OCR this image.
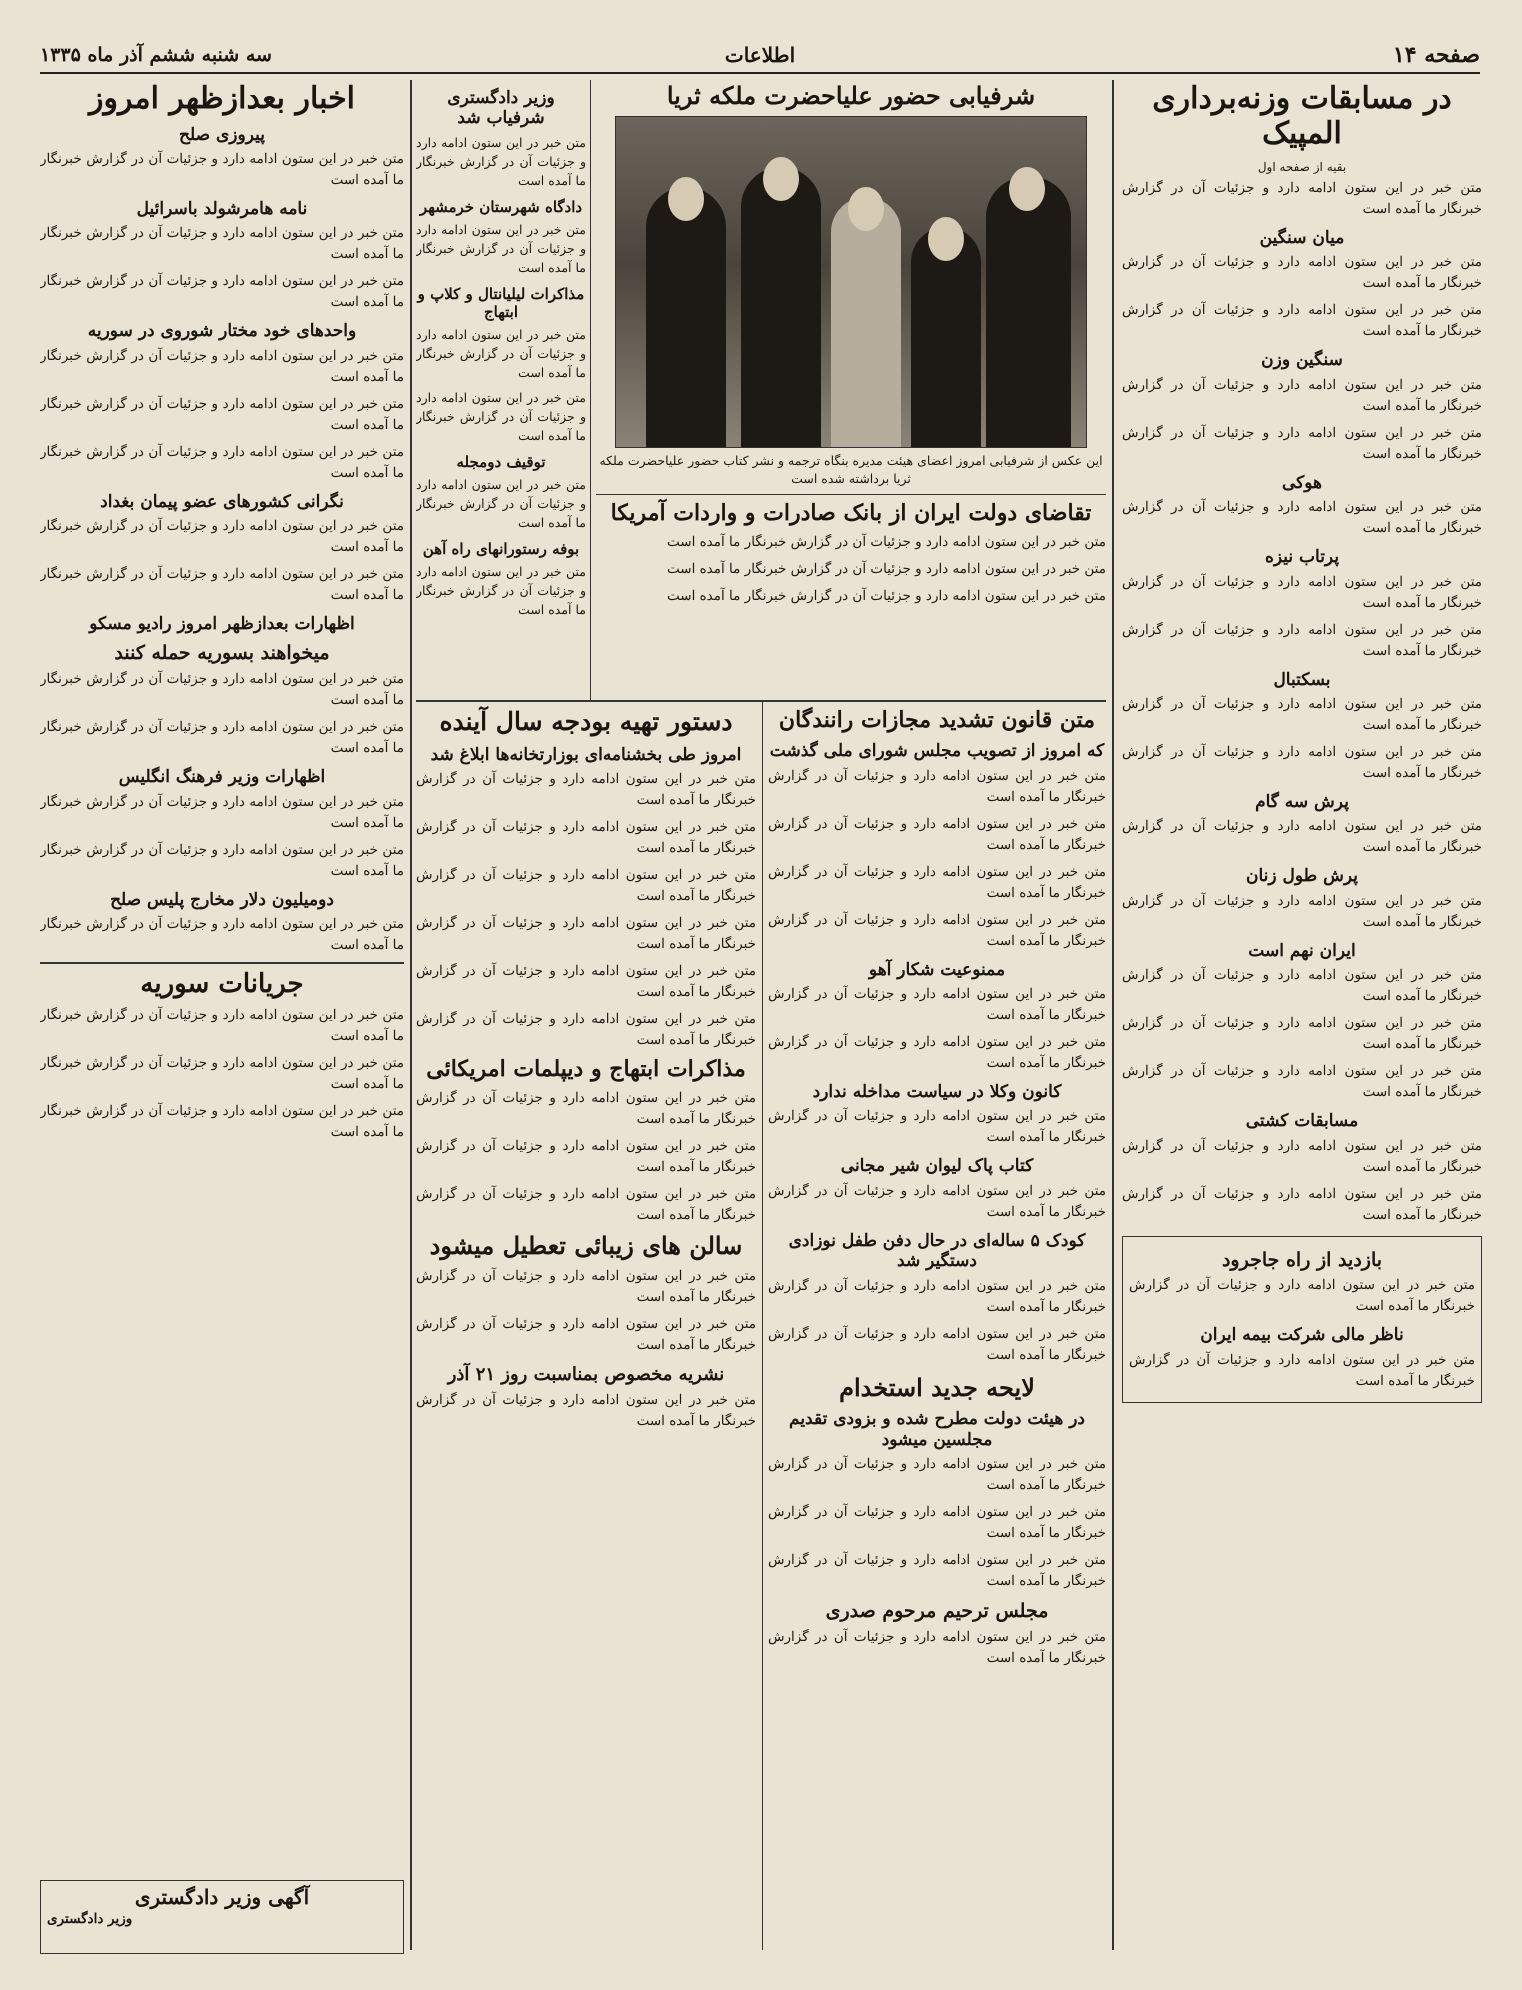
صفحه ۱۴
اطلاعات
سه شنبه ششم آذر ماه ۱۳۳۵
در مسابقات وزنه‌برداری المپیک
بقیه از صفحه اول

متن خبر در این ستون ادامه دارد و جزئیات آن در گزارش خبرنگار ما آمده است

میان سنگین

متن خبر در این ستون ادامه دارد و جزئیات آن در گزارش خبرنگار ما آمده است

متن خبر در این ستون ادامه دارد و جزئیات آن در گزارش خبرنگار ما آمده است

سنگین وزن

متن خبر در این ستون ادامه دارد و جزئیات آن در گزارش خبرنگار ما آمده است

متن خبر در این ستون ادامه دارد و جزئیات آن در گزارش خبرنگار ما آمده است

هوکی

متن خبر در این ستون ادامه دارد و جزئیات آن در گزارش خبرنگار ما آمده است

پرتاب نیزه

متن خبر در این ستون ادامه دارد و جزئیات آن در گزارش خبرنگار ما آمده است

متن خبر در این ستون ادامه دارد و جزئیات آن در گزارش خبرنگار ما آمده است

بسکتبال

متن خبر در این ستون ادامه دارد و جزئیات آن در گزارش خبرنگار ما آمده است

متن خبر در این ستون ادامه دارد و جزئیات آن در گزارش خبرنگار ما آمده است

پرش سه گام

متن خبر در این ستون ادامه دارد و جزئیات آن در گزارش خبرنگار ما آمده است

پرش طول زنان

متن خبر در این ستون ادامه دارد و جزئیات آن در گزارش خبرنگار ما آمده است

ایران نهم است

متن خبر در این ستون ادامه دارد و جزئیات آن در گزارش خبرنگار ما آمده است

متن خبر در این ستون ادامه دارد و جزئیات آن در گزارش خبرنگار ما آمده است

متن خبر در این ستون ادامه دارد و جزئیات آن در گزارش خبرنگار ما آمده است

مسابقات کشتی

متن خبر در این ستون ادامه دارد و جزئیات آن در گزارش خبرنگار ما آمده است

متن خبر در این ستون ادامه دارد و جزئیات آن در گزارش خبرنگار ما آمده است

بازدید از راه جاجرود

متن خبر در این ستون ادامه دارد و جزئیات آن در گزارش خبرنگار ما آمده است

ناظر مالی شرکت بیمه ایران

متن خبر در این ستون ادامه دارد و جزئیات آن در گزارش خبرنگار ما آمده است

شرفیابی حضور علیاحضرت ملکه ثریا
این عکس از شرفیابی امروز اعضای هیئت مدیره بنگاه ترجمه و نشر کتاب حضور علیاحضرت ملکه ثریا برداشته شده است
تقاضای دولت ایران از بانک صادرات و واردات آمریکا

متن خبر در این ستون ادامه دارد و جزئیات آن در گزارش خبرنگار ما آمده است

متن خبر در این ستون ادامه دارد و جزئیات آن در گزارش خبرنگار ما آمده است

متن خبر در این ستون ادامه دارد و جزئیات آن در گزارش خبرنگار ما آمده است

وزیر دادگستری شرفیاب شد

متن خبر در این ستون ادامه دارد و جزئیات آن در گزارش خبرنگار ما آمده است

دادگاه شهرستان خرمشهر

متن خبر در این ستون ادامه دارد و جزئیات آن در گزارش خبرنگار ما آمده است

مذاکرات لیلیانتال و کلاپ و ابتهاج

متن خبر در این ستون ادامه دارد و جزئیات آن در گزارش خبرنگار ما آمده است

متن خبر در این ستون ادامه دارد و جزئیات آن در گزارش خبرنگار ما آمده است

توقیف دومجله

متن خبر در این ستون ادامه دارد و جزئیات آن در گزارش خبرنگار ما آمده است

بوفه رستورانهای راه آهن

متن خبر در این ستون ادامه دارد و جزئیات آن در گزارش خبرنگار ما آمده است

متن قانون تشدید مجازات رانندگان
که امروز از تصویب مجلس شورای ملی گذشت

متن خبر در این ستون ادامه دارد و جزئیات آن در گزارش خبرنگار ما آمده است

متن خبر در این ستون ادامه دارد و جزئیات آن در گزارش خبرنگار ما آمده است

متن خبر در این ستون ادامه دارد و جزئیات آن در گزارش خبرنگار ما آمده است

متن خبر در این ستون ادامه دارد و جزئیات آن در گزارش خبرنگار ما آمده است

ممنوعیت شکار آهو

متن خبر در این ستون ادامه دارد و جزئیات آن در گزارش خبرنگار ما آمده است

متن خبر در این ستون ادامه دارد و جزئیات آن در گزارش خبرنگار ما آمده است

کانون وکلا در سیاست مداخله ندارد

متن خبر در این ستون ادامه دارد و جزئیات آن در گزارش خبرنگار ما آمده است

کتاب پاک لیوان شیر مجانی

متن خبر در این ستون ادامه دارد و جزئیات آن در گزارش خبرنگار ما آمده است

کودک ۵ ساله‌ای در حال دفن طفل نوزادی دستگیر شد

متن خبر در این ستون ادامه دارد و جزئیات آن در گزارش خبرنگار ما آمده است

متن خبر در این ستون ادامه دارد و جزئیات آن در گزارش خبرنگار ما آمده است

لایحه جدید استخدام
در هیئت دولت مطرح شده و بزودی تقدیم مجلسین میشود

متن خبر در این ستون ادامه دارد و جزئیات آن در گزارش خبرنگار ما آمده است

متن خبر در این ستون ادامه دارد و جزئیات آن در گزارش خبرنگار ما آمده است

متن خبر در این ستون ادامه دارد و جزئیات آن در گزارش خبرنگار ما آمده است

مجلس ترحیم مرحوم صدری

متن خبر در این ستون ادامه دارد و جزئیات آن در گزارش خبرنگار ما آمده است

دستور تهیه بودجه سال آینده
امروز طی بخشنامه‌ای بوزارتخانه‌ها ابلاغ شد

متن خبر در این ستون ادامه دارد و جزئیات آن در گزارش خبرنگار ما آمده است

متن خبر در این ستون ادامه دارد و جزئیات آن در گزارش خبرنگار ما آمده است

متن خبر در این ستون ادامه دارد و جزئیات آن در گزارش خبرنگار ما آمده است

متن خبر در این ستون ادامه دارد و جزئیات آن در گزارش خبرنگار ما آمده است

متن خبر در این ستون ادامه دارد و جزئیات آن در گزارش خبرنگار ما آمده است

متن خبر در این ستون ادامه دارد و جزئیات آن در گزارش خبرنگار ما آمده است

مذاکرات ابتهاج و دیپلمات امریکائی

متن خبر در این ستون ادامه دارد و جزئیات آن در گزارش خبرنگار ما آمده است

متن خبر در این ستون ادامه دارد و جزئیات آن در گزارش خبرنگار ما آمده است

متن خبر در این ستون ادامه دارد و جزئیات آن در گزارش خبرنگار ما آمده است

سالن های زیبائی تعطیل میشود

متن خبر در این ستون ادامه دارد و جزئیات آن در گزارش خبرنگار ما آمده است

متن خبر در این ستون ادامه دارد و جزئیات آن در گزارش خبرنگار ما آمده است

نشریه مخصوص بمناسبت روز ۲۱ آذر

متن خبر در این ستون ادامه دارد و جزئیات آن در گزارش خبرنگار ما آمده است

اخبار بعدازظهر امروز
پیروزی صلح

متن خبر در این ستون ادامه دارد و جزئیات آن در گزارش خبرنگار ما آمده است

نامه هامرشولد باسرائیل

متن خبر در این ستون ادامه دارد و جزئیات آن در گزارش خبرنگار ما آمده است

متن خبر در این ستون ادامه دارد و جزئیات آن در گزارش خبرنگار ما آمده است

واحدهای خود مختار شوروی در سوریه

متن خبر در این ستون ادامه دارد و جزئیات آن در گزارش خبرنگار ما آمده است

متن خبر در این ستون ادامه دارد و جزئیات آن در گزارش خبرنگار ما آمده است

متن خبر در این ستون ادامه دارد و جزئیات آن در گزارش خبرنگار ما آمده است

نگرانی کشورهای عضو پیمان بغداد

متن خبر در این ستون ادامه دارد و جزئیات آن در گزارش خبرنگار ما آمده است

متن خبر در این ستون ادامه دارد و جزئیات آن در گزارش خبرنگار ما آمده است

اظهارات بعدازظهر امروز رادیو مسکو
میخواهند بسوریه حمله کنند

متن خبر در این ستون ادامه دارد و جزئیات آن در گزارش خبرنگار ما آمده است

متن خبر در این ستون ادامه دارد و جزئیات آن در گزارش خبرنگار ما آمده است

اظهارات وزیر فرهنگ انگلیس

متن خبر در این ستون ادامه دارد و جزئیات آن در گزارش خبرنگار ما آمده است

متن خبر در این ستون ادامه دارد و جزئیات آن در گزارش خبرنگار ما آمده است

دومیلیون دلار مخارج پلیس صلح

متن خبر در این ستون ادامه دارد و جزئیات آن در گزارش خبرنگار ما آمده است

جریانات سوریه

متن خبر در این ستون ادامه دارد و جزئیات آن در گزارش خبرنگار ما آمده است

متن خبر در این ستون ادامه دارد و جزئیات آن در گزارش خبرنگار ما آمده است

متن خبر در این ستون ادامه دارد و جزئیات آن در گزارش خبرنگار ما آمده است

آگهی وزیر دادگستری
وزیر دادگستری
